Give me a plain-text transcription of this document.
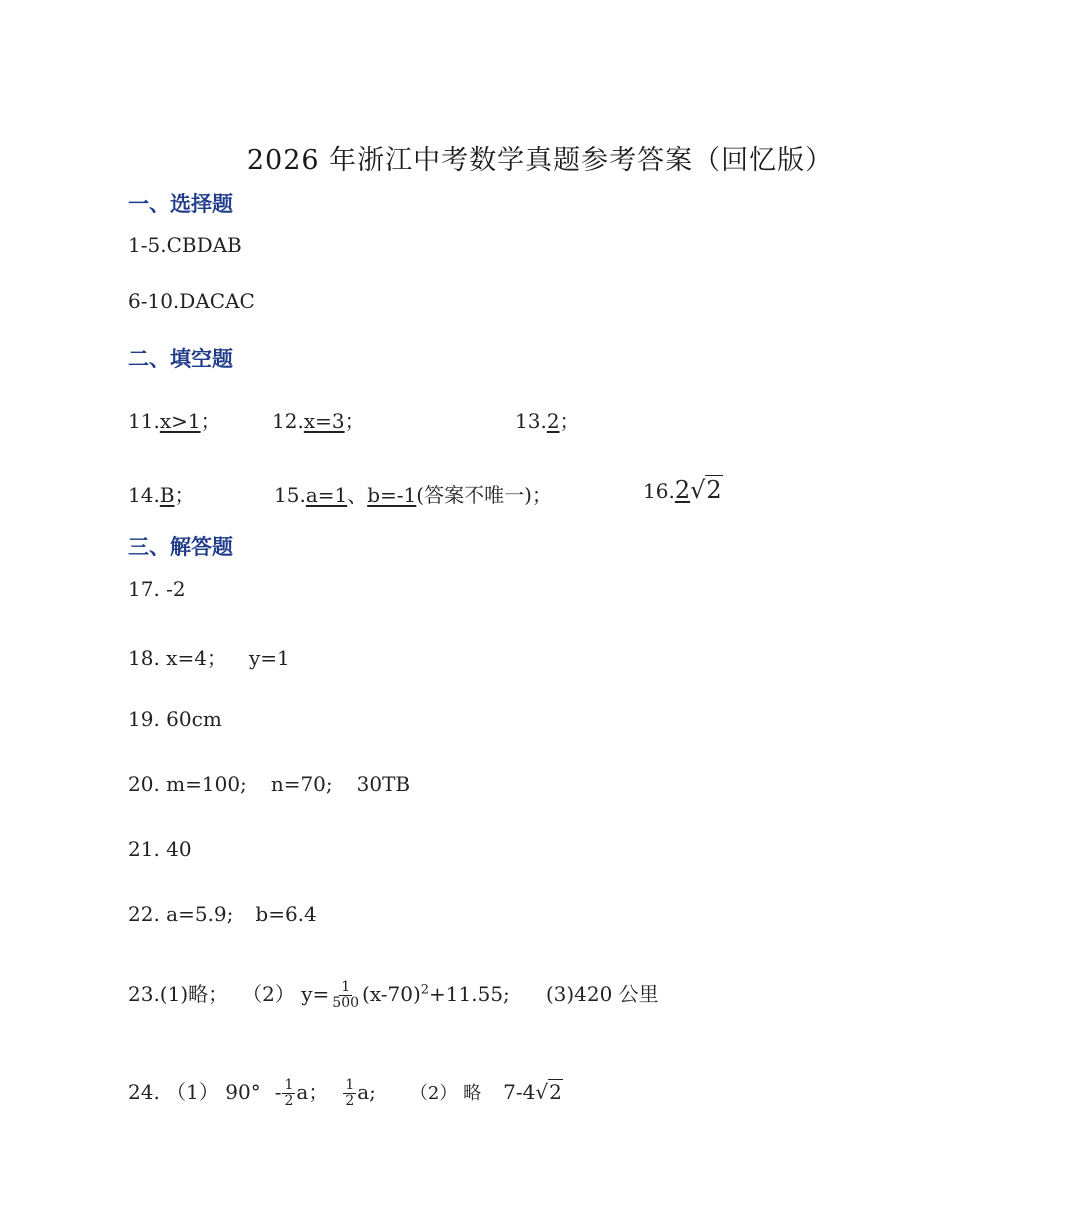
2026 年浙江中考数学真题参考答案（回忆版）
一、选择题
1-5.CBDAB
6-10.DACAC
二、填空题
11.x>1；	12.x=3；	13.2；
14.B；	15.a=1、b=-1(答案不唯一)；	16.2√2
三、解答题
17. -2
18. x=4； y=1
19. 60cm
20. m=100; n=70; 30TB
21. 40
22. a=5.9; b=6.4
23.(1)略； （2） $y= \frac{1}{500} (x-70)^2+11.55$; (3)420 公里
24. （1） $90^\circ - \frac{1}{2}$ a； $\frac{1}{2} a$; （2） 略 7-4√2
